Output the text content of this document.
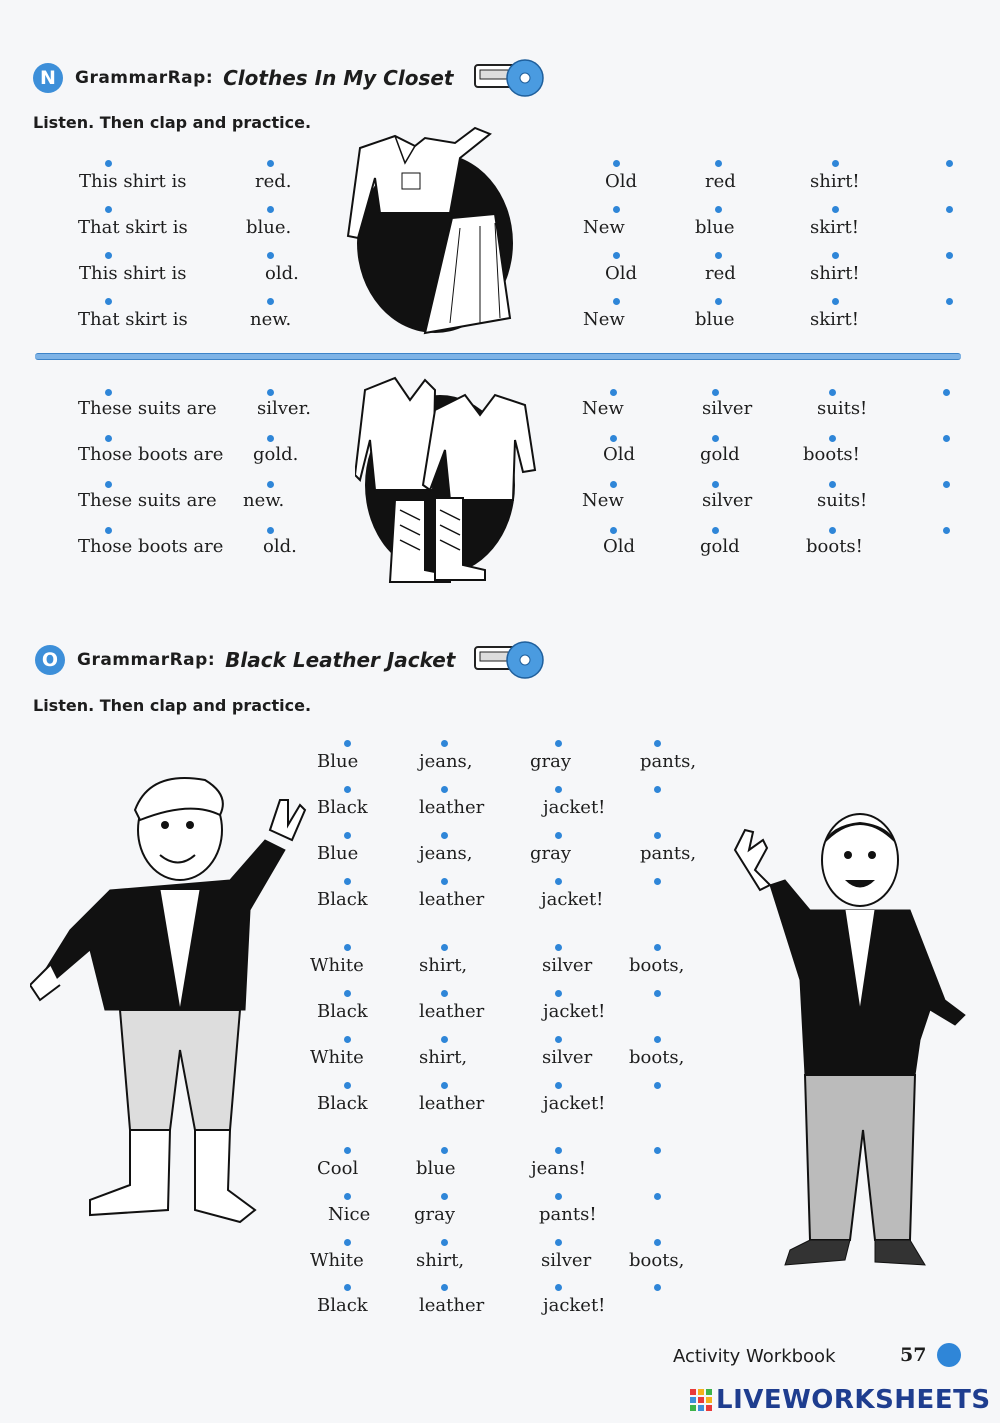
N	GrammarRap: Clothes In My Closet
Listen. Then clap and practice.
This shirt is	red.	Old	red	shirt!
That skirt is	blue.	New	blue	skirt!
This shirt is	old.	Old	red	shirt!
That skirt is	new.	New	blue	skirt!
These suits are silver.	New	silver	suits!
Those boots are gold.	Old	gold	boots!
These suits are new.	New	silver	suits!
Those boots are old.	Old	gold	boots!
O	GrammarRap: Black Leather Jacket
Listen. Then clap and practice.
Blue	jeans,	gray	pants,
Black	leather	jacket!
Blue	jeans,	gray	pants,
Black	leather	jacket!
White	shirt,	silver boots,
Black	leather	jacket!
White	shirt,	silver boots,
Black	leather	jacket!
Cool	blue	jeans!
Nice gray	pants!
White	shirt,	silver boots,
Black	leather	jacket!
Activity Workbook	57
LIVEWORKSHEETS
